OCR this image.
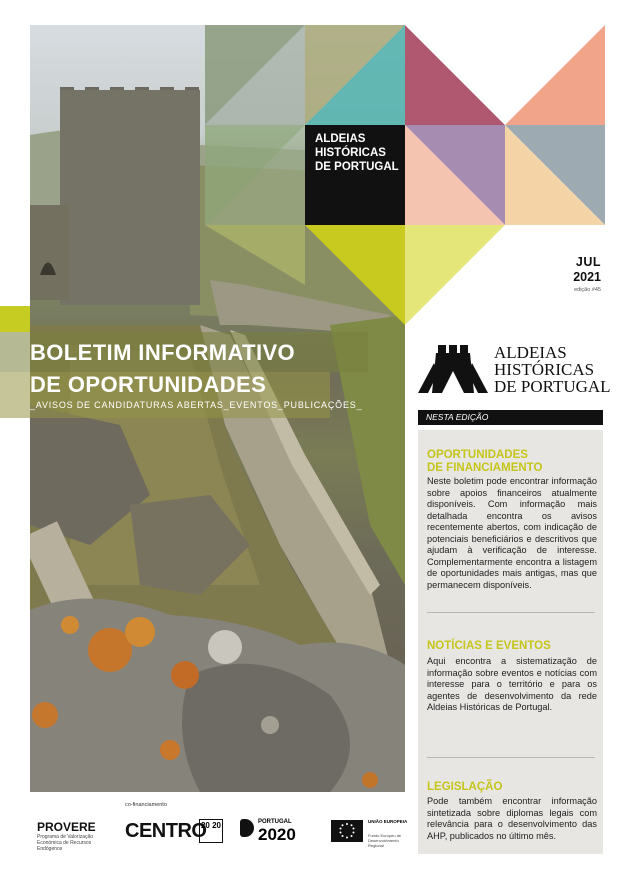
ALDEIAS
HISTÓRICAS
DE PORTUGAL
JUL
2021
edição #45
BOLETIM INFORMATIVO
DE OPORTUNIDADES
_AVISOS DE CANDIDATURAS ABERTAS_EVENTOS_PUBLICAÇÕES_
ALDEIAS
HISTÓRICAS
DE PORTUGAL
NESTA EDIÇÃO
OPORTUNIDADES
DE FINANCIAMENTO
Neste boletim pode encontrar informação sobre apoios financeiros atualmente disponíveis. Com informação mais detalhada encontra os avisos recentemente abertos, com indicação de potenciais beneficiários e descritivos que ajudam à verificação de interesse. Complementarmente encontra a listagem de oportunidades mais antigas, mas que permanecem disponíveis.
NOTÍCIAS E EVENTOS
Aqui encontra a sistematização de informação sobre eventos e notícias com interesse para o território e para os agentes de desenvolvimento da rede Aldeias Históricas de Portugal.
LEGISLAÇÃO
Pode também encontrar informação sintetizada sobre diplomas legais com relevância para o desenvolvimento das AHP, publicados no último mês.
PROVERE
Programa de Valorização Económica de Recursos Endógenos
co-financiamento
CENTRO
20 20	PORTUGAL
2020
UNIÃO EUROPEIA
Fundo Europeu de Desenvolvimento Regional
